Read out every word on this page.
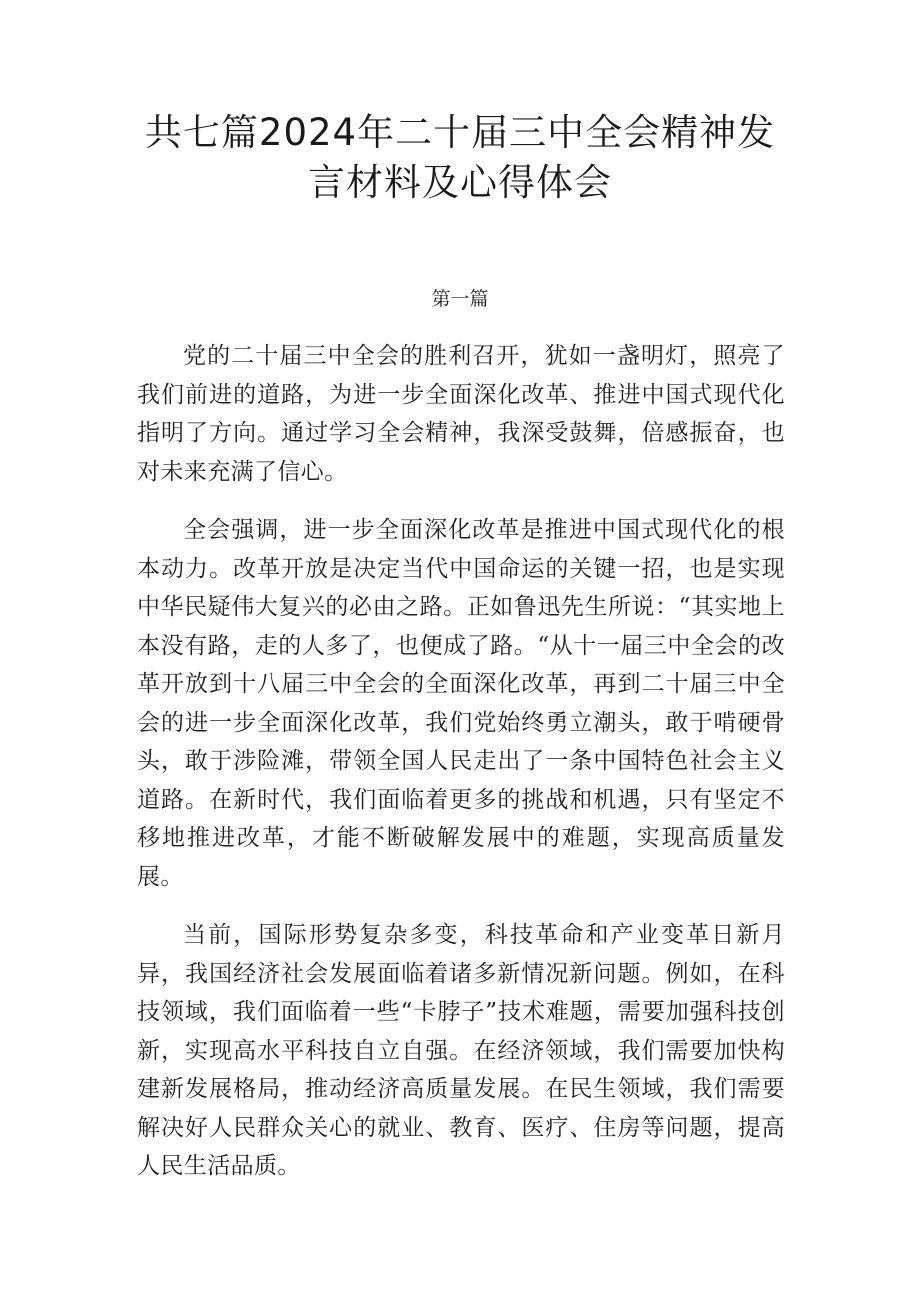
共七篇2024年二十届三中全会精神发言材料及心得体会
第一篇

党的二十届三中全会的胜利召开，犹如一盏明灯，照亮了我们前进的道路，为进一步全面深化改革、推进中国式现代化指明了方向。通过学习全会精神，我深受鼓舞，倍感振奋，也对未来充满了信心。

全会强调，进一步全面深化改革是推进中国式现代化的根本动力。改革开放是决定当代中国命运的关键一招，也是实现中华民疑伟大复兴的必由之路。正如鲁迅先生所说：“其实地上本没有路，走的人多了，也便成了路。“从十一届三中全会的改革开放到十八届三中全会的全面深化改革，再到二十届三中全会的进一步全面深化改革，我们党始终勇立潮头，敢于啃硬骨头，敢于涉险滩，带领全国人民走出了一条中国特色社会主义道路。在新时代，我们面临着更多的挑战和机遇，只有坚定不移地推进改革，才能不断破解发展中的难题，实现高质量发展。

当前，国际形势复杂多变，科技革命和产业变革日新月异，我国经济社会发展面临着诸多新情况新问题。例如，在科技领域，我们面临着一些“卡脖子”技术难题，需要加强科技创新，实现高水平科技自立自强。在经济领域，我们需要加快构建新发展格局，推动经济高质量发展。在民生领域，我们需要解决好人民群众关心的就业、教育、医疗、住房等问题，提高人民生活品质。
